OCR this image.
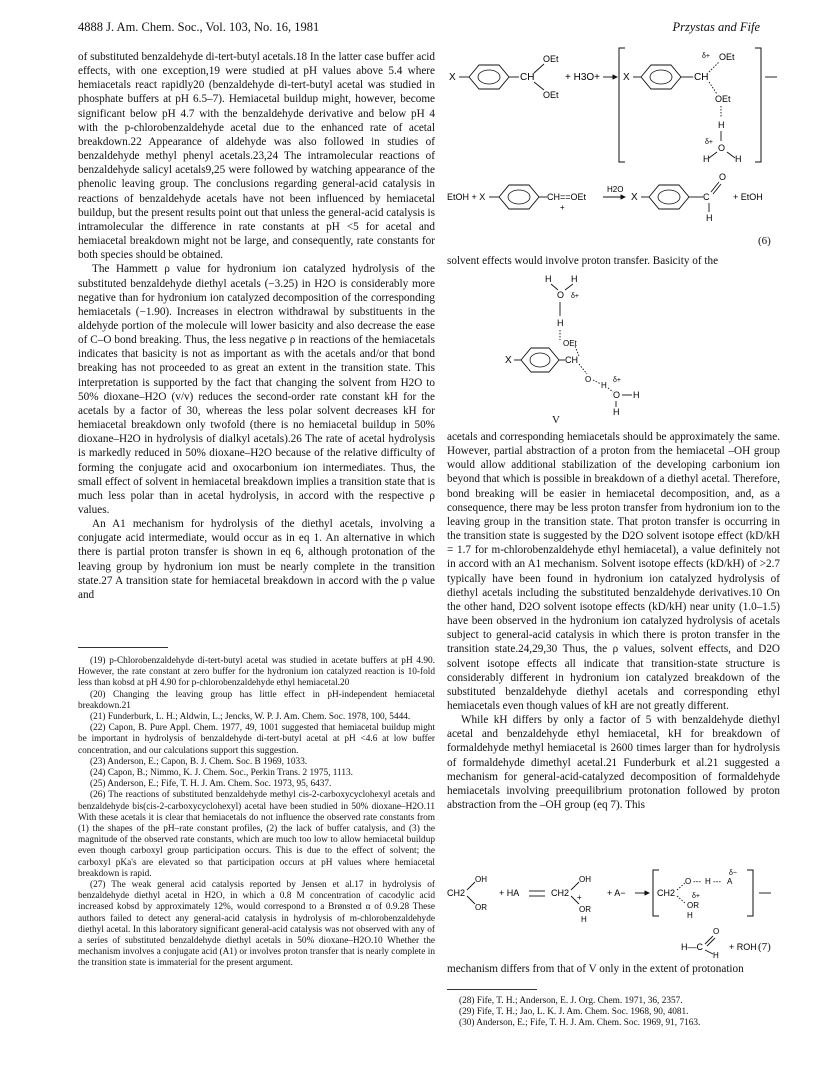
4888 J. Am. Chem. Soc., Vol. 103, No. 16, 1981	Przystas and Fife

of substituted benzaldehyde di-tert-butyl acetals.18 In the latter case buffer acid effects, with one exception,19 were studied at pH values above 5.4 where hemiacetals react rapidly20 (benzaldehyde di-tert-butyl acetal was studied in phosphate buffers at pH 6.5–7). Hemiacetal buildup might, however, become significant below pH 4.7 with the benzaldehyde derivative and below pH 4 with the p-chlorobenzaldehyde acetal due to the enhanced rate of acetal breakdown.22 Appearance of aldehyde was also followed in studies of benzaldehyde methyl phenyl acetals.23,24 The intramolecular reactions of benzaldehyde salicyl acetals9,25 were followed by watching appearance of the phenolic leaving group. The conclusions regarding general-acid catalysis in reactions of benzaldehyde acetals have not been influenced by hemiacetal buildup, but the present results point out that unless the general-acid catalysis is intramolecular the difference in rate constants at pH <5 for acetal and hemiacetal breakdown might not be large, and consequently, rate constants for both species should be obtained.

The Hammett ρ value for hydronium ion catalyzed hydrolysis of the substituted benzaldehyde diethyl acetals (−3.25) in H2O is considerably more negative than for hydronium ion catalyzed decomposition of the corresponding hemiacetals (−1.90). Increases in electron withdrawal by substituents in the aldehyde portion of the molecule will lower basicity and also decrease the ease of C–O bond breaking. Thus, the less negative ρ in reactions of the hemiacetals indicates that basicity is not as important as with the acetals and/or that bond breaking has not proceeded to as great an extent in the transition state. This interpretation is supported by the fact that changing the solvent from H2O to 50% dioxane–H2O (v/v) reduces the second-order rate constant kH for the acetals by a factor of 30, whereas the less polar solvent decreases kH for hemiacetal breakdown only twofold (there is no hemiacetal buildup in 50% dioxane–H2O in hydrolysis of dialkyl acetals).26 The rate of acetal hydrolysis is markedly reduced in 50% dioxane–H2O because of the relative difficulty of forming the conjugate acid and oxocarbonium ion intermediates. Thus, the small effect of solvent in hemiacetal breakdown implies a transition state that is much less polar than in acetal hydrolysis, in accord with the respective ρ values.

An A1 mechanism for hydrolysis of the diethyl acetals, involving a conjugate acid intermediate, would occur as in eq 1. An alternative in which there is partial proton transfer is shown in eq 6, although protonation of the leaving group by hydronium ion must be nearly complete in the transition state.27 A transition state for hemiacetal breakdown in accord with the ρ value and

(19) p-Chlorobenzaldehyde di-tert-butyl acetal was studied in acetate buffers at pH 4.90. However, the rate constant at zero buffer for the hydronium ion catalyzed reaction is 10-fold less than kobsd at pH 4.90 for p-chlorobenzaldehyde ethyl hemiacetal.20

(20) Changing the leaving group has little effect in pH-independent hemiacetal breakdown.21

(21) Funderburk, L. H.; Aldwin, L.; Jencks, W. P. J. Am. Chem. Soc. 1978, 100, 5444.

(22) Capon, B. Pure Appl. Chem. 1977, 49, 1001 suggested that hemiacetal buildup might be important in hydrolysis of benzaldehyde di-tert-butyl acetal at pH <4.6 at low buffer concentration, and our calculations support this suggestion.

(23) Anderson, E.; Capon, B. J. Chem. Soc. B 1969, 1033.

(24) Capon, B.; Nimmo, K. J. Chem. Soc., Perkin Trans. 2 1975, 1113.

(25) Anderson, E.; Fife, T. H. J. Am. Chem. Soc. 1973, 95, 6437.

(26) The reactions of substituted benzaldehyde methyl cis-2-carboxycyclohexyl acetals and benzaldehyde bis(cis-2-carboxycyclohexyl) acetal have been studied in 50% dioxane–H2O.11 With these acetals it is clear that hemiacetals do not influence the observed rate constants from (1) the shapes of the pH–rate constant profiles, (2) the lack of buffer catalysis, and (3) the magnitude of the observed rate constants, which are much too low to allow hemiacetal buildup even though carboxyl group participation occurs. This is due to the effect of solvent; the carboxyl pKa's are elevated so that participation occurs at pH values where hemiacetal breakdown is rapid.

(27) The weak general acid catalysis reported by Jensen et al.17 in hydrolysis of benzaldehyde diethyl acetal in H2O, in which a 0.8 M concentration of cacodylic acid increased kobsd by approximately 12%, would correspond to a Brønsted α of 0.9.28 These authors failed to detect any general-acid catalysis in hydrolysis of m-chlorobenzaldehyde diethyl acetal. In this laboratory significant general-acid catalysis was not observed with any of a series of substituted benzaldehyde diethyl acetals in 50% dioxane–H2O.10 Whether the mechanism involves a conjugate acid (A1) or involves proton transfer that is nearly complete in the transition state is immaterial for the present argument.

X	CH
OEt
OEt
+ H3O+ X	CH
δ+ OEt
OEt
H
δ+
O
H	H
EtOH + X	CH==OEt
+
H2O
X	C
O
H
+ EtOH
(6)

solvent effects would involve proton transfer. Basicity of the

H H
O δ+
H
OEt
X	CH
O
H
δ+
O H
H
V

acetals and corresponding hemiacetals should be approximately the same. However, partial abstraction of a proton from the hemiacetal –OH group would allow additional stabilization of the developing carbonium ion beyond that which is possible in breakdown of a diethyl acetal. Therefore, bond breaking will be easier in hemiacetal decomposition, and, as a consequence, there may be less proton transfer from hydronium ion to the leaving group in the transition state. That proton transfer is occurring in the transition state is suggested by the D2O solvent isotope effect (kD/kH = 1.7 for m-chlorobenzaldehyde ethyl hemiacetal), a value definitely not in accord with an A1 mechanism. Solvent isotope effects (kD/kH) of >2.7 typically have been found in hydronium ion catalyzed hydrolysis of diethyl acetals including the substituted benzaldehyde derivatives.10 On the other hand, D2O solvent isotope effects (kD/kH) near unity (1.0–1.5) have been observed in the hydronium ion catalyzed hydrolysis of acetals subject to general-acid catalysis in which there is proton transfer in the transition state.24,29,30 Thus, the ρ values, solvent effects, and D2O solvent isotope effects all indicate that transition-state structure is considerably different in hydronium ion catalyzed breakdown of the substituted benzaldehyde diethyl acetals and corresponding ethyl hemiacetals even though values of kH are not greatly different.

While kH differs by only a factor of 5 with benzaldehyde diethyl acetal and benzaldehyde ethyl hemiacetal, kH for breakdown of formaldehyde methyl hemiacetal is 2600 times larger than for hydrolysis of formaldehyde dimethyl acetal.21 Funderburk et al.21 suggested a mechanism for general-acid-catalyzed decomposition of formaldehyde hemiacetals involving preequilibrium protonation followed by proton abstraction from the –OH group (eq 7). This

CH2
OH
OR
+ HA	CH2
OH
OR
+
H
+ A−	CH2
O --- H --- A
δ−
δ+
OR
H
H—C
O
H
+ ROH (7)

mechanism differs from that of V only in the extent of protonation

(28) Fife, T. H.; Anderson, E. J. Org. Chem. 1971, 36, 2357.

(29) Fife, T. H.; Jao, L. K. J. Am. Chem. Soc. 1968, 90, 4081.

(30) Anderson, E.; Fife, T. H. J. Am. Chem. Soc. 1969, 91, 7163.
